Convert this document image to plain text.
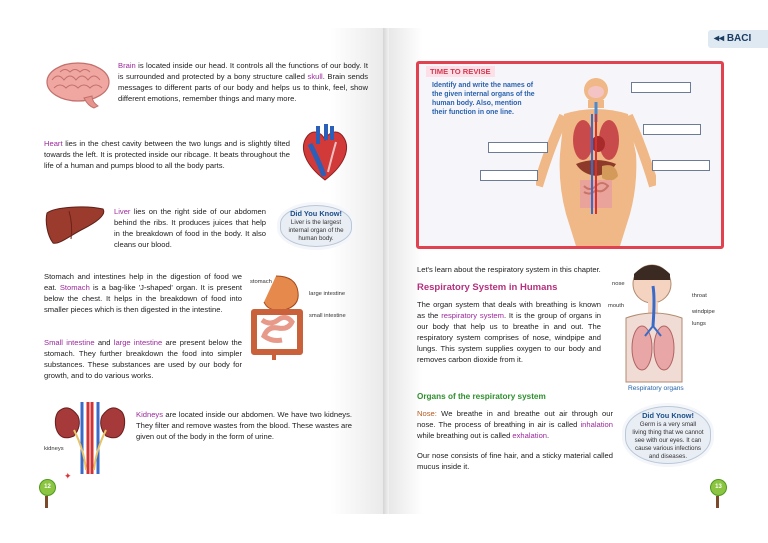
◂◂ BACI
Brain is located inside our head. It controls all the functions of our body. It is surrounded and protected by a bony structure called skull. Brain sends messages to different parts of our body and helps us to think, feel, show different emotions, remember things and many more.
Heart lies in the chest cavity between the two lungs and is slightly tilted towards the left. It is protected inside our ribcage. It beats throughout the life of a human and pumps blood to all the body parts.
Liver lies on the right side of our abdomen behind the ribs. It produces juices that help in the breakdown of food in the body. It also cleans our blood.
Did You Know!
Liver is the largest internal organ of the human body.
Stomach and intestines help in the digestion of food we eat. Stomach is a bag-like 'J-shaped' organ. It is present below the chest. It helps in the breakdown of food into smaller pieces which is then digested in the intestine.
Small intestine and large intestine are present below the stomach. They further breakdown the food into simpler substances. These substances are used by our body for growth, and to do various works.
stomach
large intestine
small intestine
kidneys
Kidneys are located inside our abdomen. We have two kidneys. They filter and remove wastes from the blood. These wastes are given out of the body in the form of urine.
12
✦
TIME TO REVISE
Identify and write the names of the given internal organs of the human body. Also, mention their function in one line.
Let's learn about the respiratory system in this chapter.
Respiratory System in Humans
The organ system that deals with breathing is known as the respiratory system. It is the group of organs in our body that help us to breathe in and out. The respiratory system comprises of nose, windpipe and lungs. This system supplies oxygen to our body and removes carbon dioxide from it.
nose
mouth
throat
windpipe
lungs
Respiratory organs
Organs of the respiratory system
Nose: We breathe in and breathe out air through our nose. The process of breathing in air is called inhalation while breathing out is called exhalation.
Our nose consists of fine hair, and a sticky material called mucus inside it.
Did You Know!
Germ is a very small living thing that we cannot see with our eyes. It can cause various infections and diseases.
13
